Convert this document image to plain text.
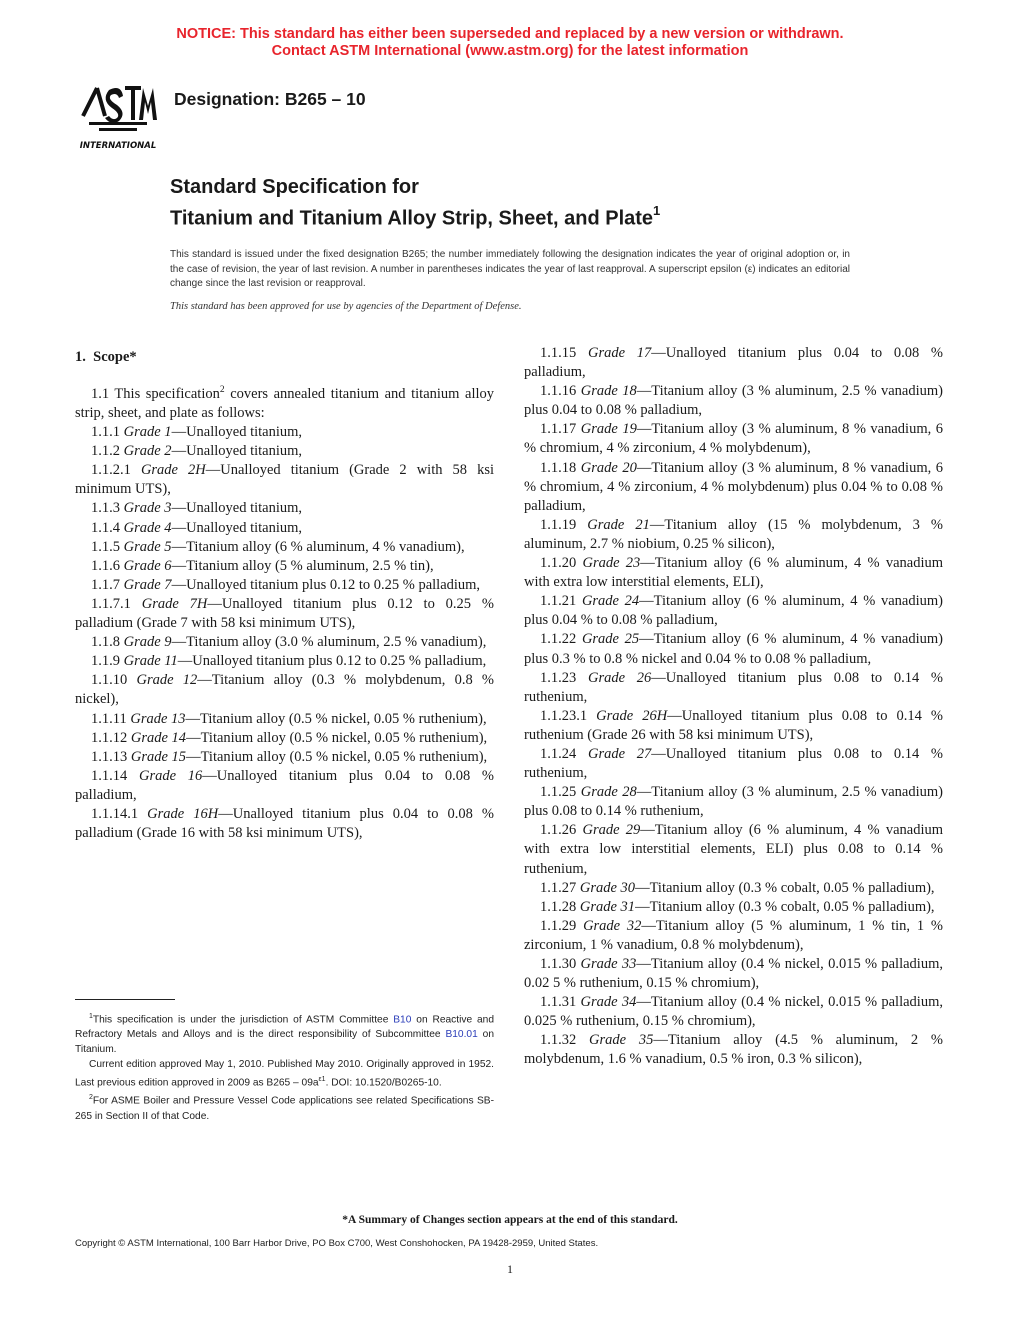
NOTICE: This standard has either been superseded and replaced by a new version or withdrawn.
Contact ASTM International (www.astm.org) for the latest information
INTERNATIONAL
Designation: B265 – 10
Standard Specification for
Titanium and Titanium Alloy Strip, Sheet, and Plate$^1$
This standard is issued under the fixed designation B265; the number immediately following the designation indicates the year of original adoption or, in the case of revision, the year of last revision. A number in parentheses indicates the year of last reapproval. A superscript epsilon (ε) indicates an editorial change since the last revision or reapproval.
This standard has been approved for use by agencies of the Department of Defense.

1. Scope*

1.1 This specification$^2$ covers annealed titanium and titanium alloy strip, sheet, and plate as follows:

1.1.1 Grade 1—Unalloyed titanium,

1.1.2 Grade 2—Unalloyed titanium,

1.1.2.1 Grade 2H—Unalloyed titanium (Grade 2 with 58 ksi minimum UTS),

1.1.3 Grade 3—Unalloyed titanium,

1.1.4 Grade 4—Unalloyed titanium,

1.1.5 Grade 5—Titanium alloy (6 % aluminum, 4 % vanadium),

1.1.6 Grade 6—Titanium alloy (5 % aluminum, 2.5 % tin),

1.1.7 Grade 7—Unalloyed titanium plus 0.12 to 0.25 % palladium,

1.1.7.1 Grade 7H—Unalloyed titanium plus 0.12 to 0.25 % palladium (Grade 7 with 58 ksi minimum UTS),

1.1.8 Grade 9—Titanium alloy (3.0 % aluminum, 2.5 % vanadium),

1.1.9 Grade 11—Unalloyed titanium plus 0.12 to 0.25 % palladium,

1.1.10 Grade 12—Titanium alloy (0.3 % molybdenum, 0.8 % nickel),

1.1.11 Grade 13—Titanium alloy (0.5 % nickel, 0.05 % ruthenium),

1.1.12 Grade 14—Titanium alloy (0.5 % nickel, 0.05 % ruthenium),

1.1.13 Grade 15—Titanium alloy (0.5 % nickel, 0.05 % ruthenium),

1.1.14 Grade 16—Unalloyed titanium plus 0.04 to 0.08 % palladium,

1.1.14.1 Grade 16H—Unalloyed titanium plus 0.04 to 0.08 % palladium (Grade 16 with 58 ksi minimum UTS),

1.1.15 Grade 17—Unalloyed titanium plus 0.04 to 0.08 % palladium,

1.1.16 Grade 18—Titanium alloy (3 % aluminum, 2.5 % vanadium) plus 0.04 to 0.08 % palladium,

1.1.17 Grade 19—Titanium alloy (3 % aluminum, 8 % vanadium, 6 % chromium, 4 % zirconium, 4 % molybdenum),

1.1.18 Grade 20—Titanium alloy (3 % aluminum, 8 % vanadium, 6 % chromium, 4 % zirconium, 4 % molybdenum) plus 0.04 % to 0.08 % palladium,

1.1.19 Grade 21—Titanium alloy (15 % molybdenum, 3 % aluminum, 2.7 % niobium, 0.25 % silicon),

1.1.20 Grade 23—Titanium alloy (6 % aluminum, 4 % vanadium with extra low interstitial elements, ELI),

1.1.21 Grade 24—Titanium alloy (6 % aluminum, 4 % vanadium) plus 0.04 % to 0.08 % palladium,

1.1.22 Grade 25—Titanium alloy (6 % aluminum, 4 % vanadium) plus 0.3 % to 0.8 % nickel and 0.04 % to 0.08 % palladium,

1.1.23 Grade 26—Unalloyed titanium plus 0.08 to 0.14 % ruthenium,

1.1.23.1 Grade 26H—Unalloyed titanium plus 0.08 to 0.14 % ruthenium (Grade 26 with 58 ksi minimum UTS),

1.1.24 Grade 27—Unalloyed titanium plus 0.08 to 0.14 % ruthenium,

1.1.25 Grade 28—Titanium alloy (3 % aluminum, 2.5 % vanadium) plus 0.08 to 0.14 % ruthenium,

1.1.26 Grade 29—Titanium alloy (6 % aluminum, 4 % vanadium with extra low interstitial elements, ELI) plus 0.08 to 0.14 % ruthenium,

1.1.27 Grade 30—Titanium alloy (0.3 % cobalt, 0.05 % palladium),

1.1.28 Grade 31—Titanium alloy (0.3 % cobalt, 0.05 % palladium),

1.1.29 Grade 32—Titanium alloy (5 % aluminum, 1 % tin, 1 % zirconium, 1 % vanadium, 0.8 % molybdenum),

1.1.30 Grade 33—Titanium alloy (0.4 % nickel, 0.015 % palladium, 0.02 5 % ruthenium, 0.15 % chromium),

1.1.31 Grade 34—Titanium alloy (0.4 % nickel, 0.015 % palladium, 0.025 % ruthenium, 0.15 % chromium),

1.1.32 Grade 35—Titanium alloy (4.5 % aluminum, 2 % molybdenum, 1.6 % vanadium, 0.5 % iron, 0.3 % silicon),

$^1$This specification is under the jurisdiction of ASTM Committee B10 on Reactive and Refractory Metals and Alloys and is the direct responsibility of Subcommittee B10.01 on Titanium.

Current edition approved May 1, 2010. Published May 2010. Originally approved in 1952. Last previous edition approved in 2009 as $B265 - 09a^{\varepsilon 1}$. DOI: 10.1520/B0265-10.

$^2$For ASME Boiler and Pressure Vessel Code applications see related Specifications SB-265 in Section II of that Code.

*A Summary of Changes section appears at the end of this standard.
Copyright © ASTM International, 100 Barr Harbor Drive, PO Box C700, West Conshohocken, PA 19428-2959, United States.
1
